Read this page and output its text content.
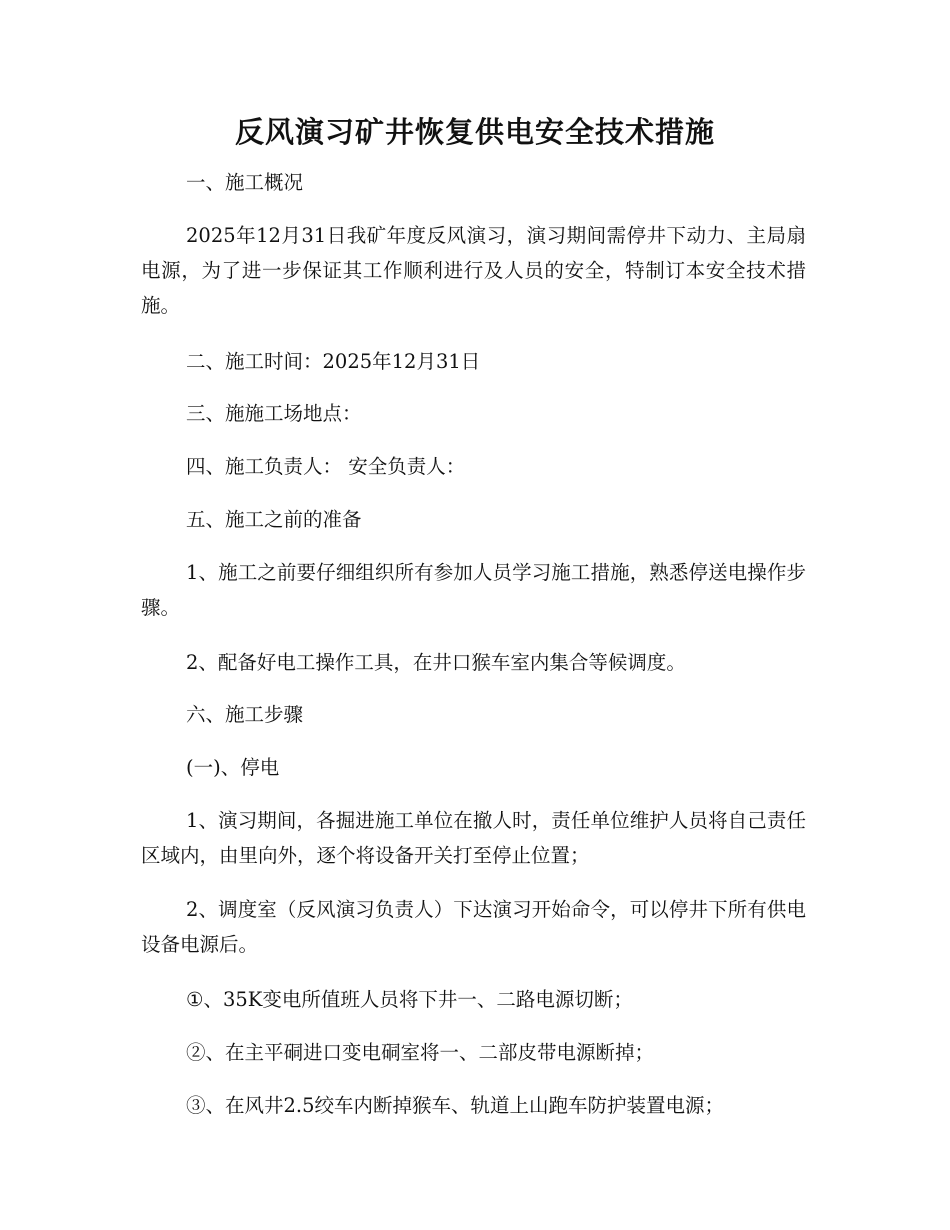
反风演习矿井恢复供电安全技术措施

一、施工概况

2025年12月31日我矿年度反风演习，演习期间需停井下动力、主局扇电源，为了进一步保证其工作顺利进行及人员的安全，特制订本安全技术措施。

二、施工时间：2025年12月31日

三、施施工场地点：

四、施工负责人： 安全负责人：

五、施工之前的准备

1、施工之前要仔细组织所有参加人员学习施工措施，熟悉停送电操作步骤。

2、配备好电工操作工具，在井口猴车室内集合等候调度。

六、施工步骤

(一)、停电

1、演习期间，各掘进施工单位在撤人时，责任单位维护人员将自己责任区域内，由里向外，逐个将设备开关打至停止位置；

2、调度室（反风演习负责人）下达演习开始命令，可以停井下所有供电设备电源后。

①、35K变电所值班人员将下井一、二路电源切断；

②、在主平硐进口变电硐室将一、二部皮带电源断掉；

③、在风井2.5绞车内断掉猴车、轨道上山跑车防护装置电源；
